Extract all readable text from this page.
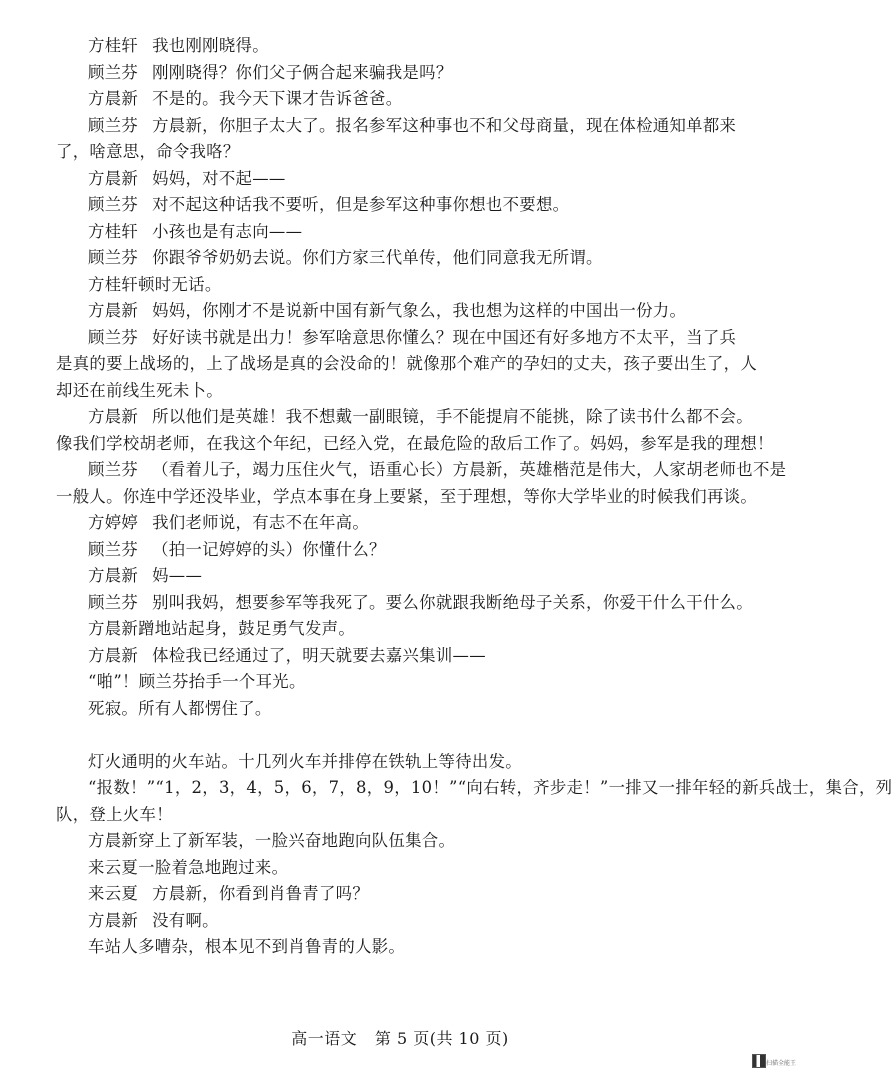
方桂轩 我也刚刚晓得。
顾兰芬 刚刚晓得？你们父子俩合起来骗我是吗？
方晨新 不是的。我今天下课才告诉爸爸。
顾兰芬 方晨新，你胆子太大了。报名参军这种事也不和父母商量，现在体检通知单都来
了，啥意思，命令我咯？
方晨新 妈妈，对不起——
顾兰芬 对不起这种话我不要听，但是参军这种事你想也不要想。
方桂轩 小孩也是有志向——
顾兰芬 你跟爷爷奶奶去说。你们方家三代单传，他们同意我无所谓。
方桂轩顿时无话。
方晨新 妈妈，你刚才不是说新中国有新气象么，我也想为这样的中国出一份力。
顾兰芬 好好读书就是出力！参军啥意思你懂么？现在中国还有好多地方不太平，当了兵
是真的要上战场的，上了战场是真的会没命的！就像那个难产的孕妇的丈夫，孩子要出生了，人
却还在前线生死未卜。
方晨新 所以他们是英雄！我不想戴一副眼镜，手不能提肩不能挑，除了读书什么都不会。
像我们学校胡老师，在我这个年纪，已经入党，在最危险的敌后工作了。妈妈，参军是我的理想！
顾兰芬 （看着儿子，竭力压住火气，语重心长）方晨新，英雄楷范是伟大，人家胡老师也不是
一般人。你连中学还没毕业，学点本事在身上要紧，至于理想，等你大学毕业的时候我们再谈。
方婷婷 我们老师说，有志不在年高。
顾兰芬 （拍一记婷婷的头）你懂什么？
方晨新 妈——
顾兰芬 别叫我妈，想要参军等我死了。要么你就跟我断绝母子关系，你爱干什么干什么。
方晨新蹭地站起身，鼓足勇气发声。
方晨新 体检我已经通过了，明天就要去嘉兴集训——
“啪”！顾兰芬抬手一个耳光。
死寂。所有人都愣住了。
灯火通明的火车站。十几列火车并排停在铁轨上等待出发。
“报数！”“1，2，3，4，5，6，7，8，9，10！”“向右转，齐步走！”一排又一排年轻的新兵战士，集合，列
队，登上火车！
方晨新穿上了新军装，一脸兴奋地跑向队伍集合。
来云夏一脸着急地跑过来。
来云夏 方晨新，你看到肖鲁青了吗？
方晨新 没有啊。
车站人多嘈杂，根本见不到肖鲁青的人影。
高一语文 第 5 页(共 10 页)
扫描全能王
